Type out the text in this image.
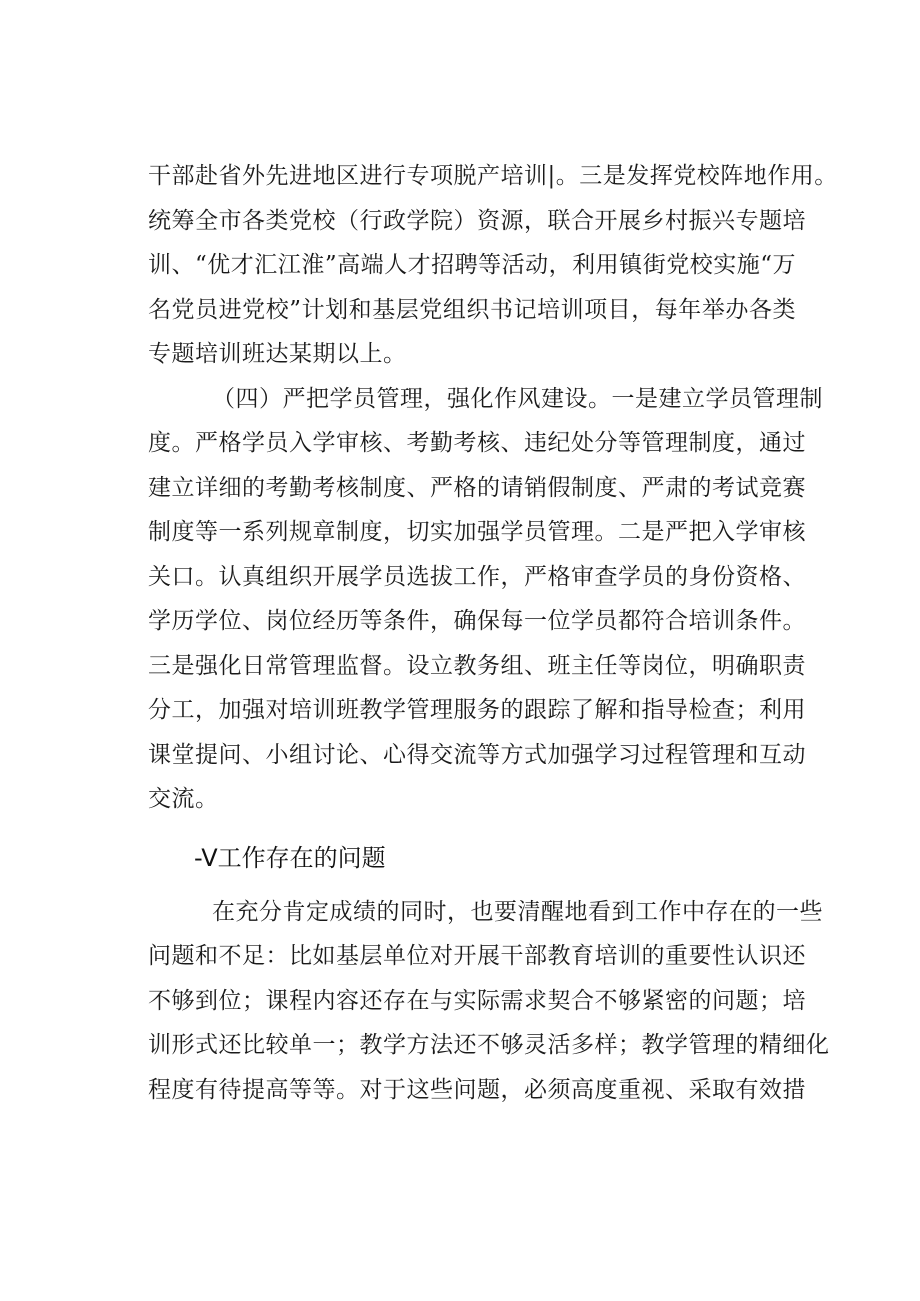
干部赴省外先进地区进行专项脱产培训|。三是发挥党校阵地作用。
统筹全市各类党校（行政学院）资源，联合开展乡村振兴专题培
训、“优才汇江淮”高端人才招聘等活动，利用镇街党校实施“万
名党员进党校”计划和基层党组织书记培训项目，每年举办各类
专题培训班达某期以上。
（四）严把学员管理，强化作风建设。一是建立学员管理制
度。严格学员入学审核、考勤考核、违纪处分等管理制度，通过
建立详细的考勤考核制度、严格的请销假制度、严肃的考试竞赛
制度等一系列规章制度，切实加强学员管理。二是严把入学审核
关口。认真组织开展学员选拔工作，严格审查学员的身份资格、
学历学位、岗位经历等条件，确保每一位学员都符合培训条件。
三是强化日常管理监督。设立教务组、班主任等岗位，明确职责
分工，加强对培训班教学管理服务的跟踪了解和指导检查；利用
课堂提问、小组讨论、心得交流等方式加强学习过程管理和互动
交流。
-V工作存在的问题
在充分肯定成绩的同时，也要清醒地看到工作中存在的一些
问题和不足：比如基层单位对开展干部教育培训的重要性认识还
不够到位；课程内容还存在与实际需求契合不够紧密的问题；培
训形式还比较单一；教学方法还不够灵活多样；教学管理的精细化
程度有待提高等等。对于这些问题，必须高度重视、采取有效措
